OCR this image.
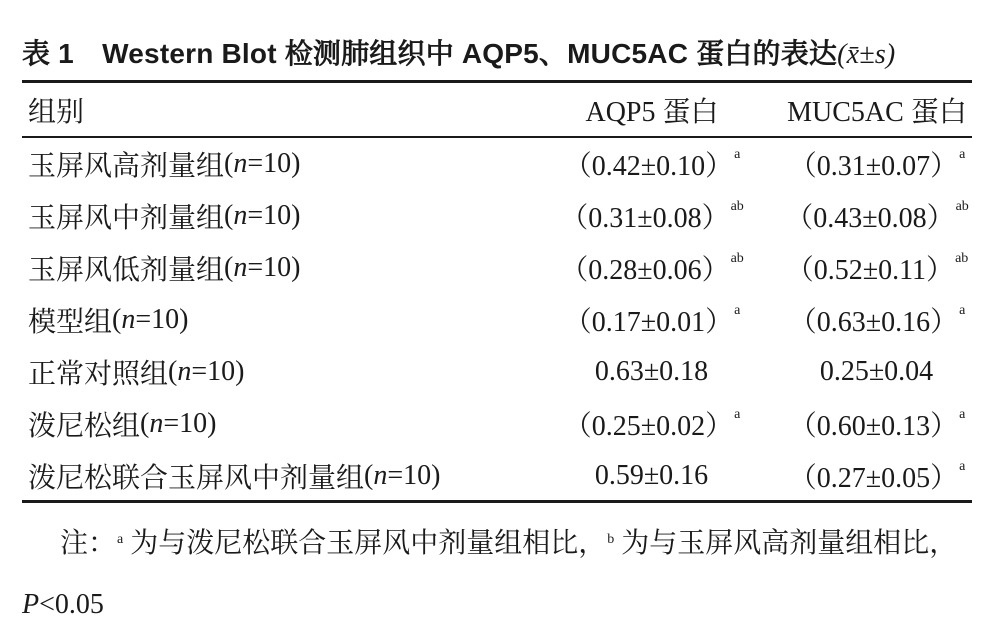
表 1　Western Blot 检测肺组织中 AQP5、MUC5AC 蛋白的表达(x̄±s)
组别	AQP5 蛋白	MUC5AC 蛋白
玉屏风高剂量组 ( n =10 )	（0.42±0.10） a （0.31±0.07） a
玉屏风中剂量组 ( n =10 )	（0.31±0.08） ab （0.43±0.08） ab
玉屏风低剂量组 ( n =10 )	（0.28±0.06） ab （0.52±0.11） ab
模型组 ( n =10 )	（0.17±0.01） a （0.63±0.16） a
正常对照组 ( n =10 )	0.63±0.18	0.25±0.04
泼尼松组 ( n =10 )	（0.25±0.02） a （0.60±0.13） a
泼尼松联合玉屏风中剂量组 ( n =10 )	0.59±0.16	（0.27±0.05） a
注：$^a$ 为与泼尼松联合玉屏风中剂量组相比，$^b$ 为与玉屏风高剂量组相比，P<0.05
